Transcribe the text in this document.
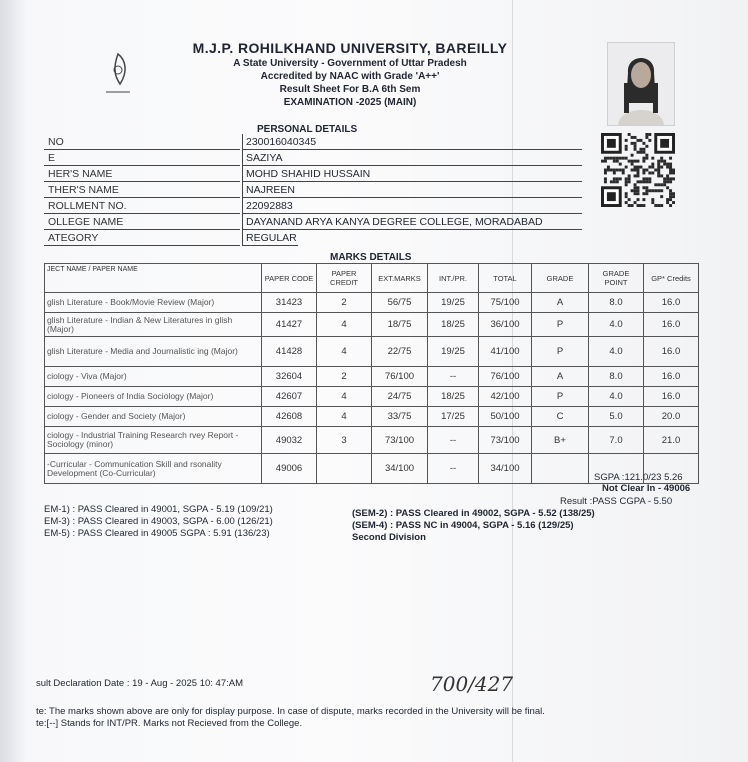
M.J.P. ROHILKHAND UNIVERSITY, BAREILLY
A State University - Government of Uttar Pradesh
Accredited by NAAC with Grade 'A++'
Result Sheet For B.A 6th Sem
EXAMINATION -2025 (MAIN)
PERSONAL DETAILS
NO	230016040345
E	SAZIYA
HER'S NAME	MOHD SHAHID HUSSAIN
THER'S NAME	NAJREEN
ROLLMENT NO.	22092883
OLLEGE NAME	DAYANAND ARYA KANYA DEGREE COLLEGE, MORADABAD
ATEGORY	REGULAR
MARKS DETAILS
JECT NAME / PAPER NAME	PAPER CODE	PAPER CREDIT	EXT.MARKS	INT./PR.	TOTAL	GRADE	GRADE POINT	GP* Credits
glish Literature - Book/Movie Review (Major)	31423	2	56/75	19/25	75/100	A	8.0	16.0
glish Literature - Indian & New Literatures in glish (Major)	41427	4	18/75	18/25	36/100	P	4.0	16.0
glish Literature - Media and Journalistic ing (Major)	41428	4	22/75	19/25	41/100	P	4.0	16.0
ciology - Viva (Major)	32604	2	76/100	--	76/100	A	8.0	16.0
ciology - Pioneers of India Sociology (Major)	42607	4	24/75	18/25	42/100	P	4.0	16.0
ciology - Gender and Society (Major)	42608	4	33/75	17/25	50/100	C	5.0	20.0
ciology - Industrial Training Research rvey Report - Sociology (minor)	49032	3	73/100	--	73/100	B+	7.0	21.0
-Curricular - Communication Skill and rsonality Development (Co-Curricular)	49006		34/100	--	34/100			
SGPA :121.0/23 5.26
Not Clear In - 49006
Result :PASS CGPA - 5.50
EM-1) : PASS Cleared in 49001, SGPA - 5.19 (109/21)
EM-3) : PASS Cleared in 49003, SGPA - 6.00 (126/21)
EM-5) : PASS Cleared in 49005 SGPA : 5.91 (136/23)
(SEM-2) : PASS Cleared in 49002, SGPA - 5.52 (138/25)
(SEM-4) : PASS NC in 49004, SGPA - 5.16 (129/25)
Second Division
sult Declaration Date : 19 - Aug - 2025 10: 47:AM	700/427
te: The marks shown above are only for display purpose. In case of dispute, marks recorded in the University will be final.
te:[--] Stands for INT/PR. Marks not Recieved from the College.
